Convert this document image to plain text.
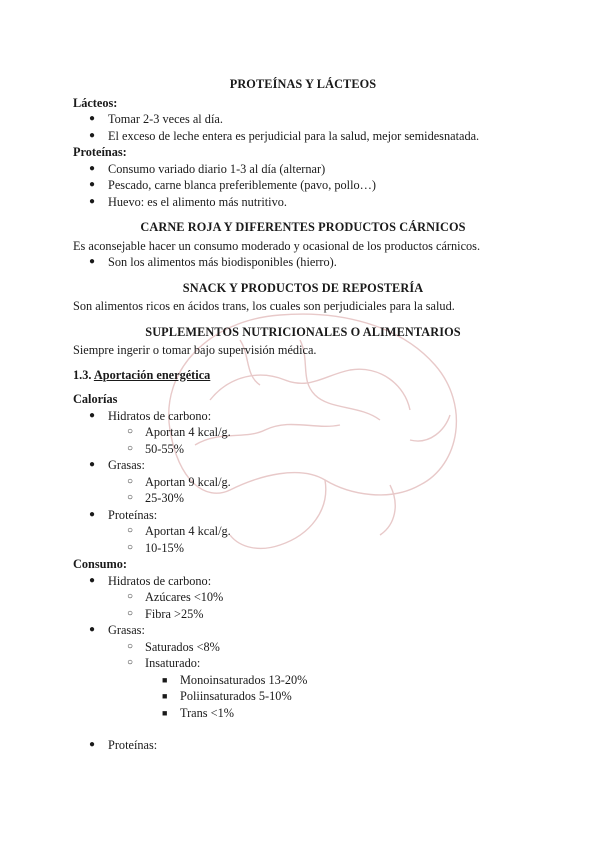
PROTEÍNAS Y LÁCTEOS
Lácteos:
● Tomar 2-3 veces al día.
● El exceso de leche entera es perjudicial para la salud, mejor semidesnatada.
Proteínas:
● Consumo variado diario 1-3 al día (alternar)
● Pescado, carne blanca preferiblemente (pavo, pollo…)
● Huevo: es el alimento más nutritivo.
CARNE ROJA Y DIFERENTES PRODUCTOS CÁRNICOS
Es aconsejable hacer un consumo moderado y ocasional de los productos cárnicos.
● Son los alimentos más biodisponibles (hierro).
SNACK Y PRODUCTOS DE REPOSTERÍA
Son alimentos ricos en ácidos trans, los cuales son perjudiciales para la salud.
SUPLEMENTOS NUTRICIONALES O ALIMENTARIOS
Siempre ingerir o tomar bajo supervisión médica.
1.3. Aportación energética
Calorías
● Hidratos de carbono:
○ Aportan 4 kcal/g.
○ 50-55%
● Grasas:
○ Aportan 9 kcal/g.
○ 25-30%
● Proteínas:
○ Aportan 4 kcal/g.
○ 10-15%
Consumo:
● Hidratos de carbono:
○ Azúcares <10%
○ Fibra >25%
● Grasas:
○ Saturados <8%
○ Insaturado:
■ Monoinsaturados 13-20%
■ Poliinsaturados 5-10%
■ Trans <1%
● Proteínas:
